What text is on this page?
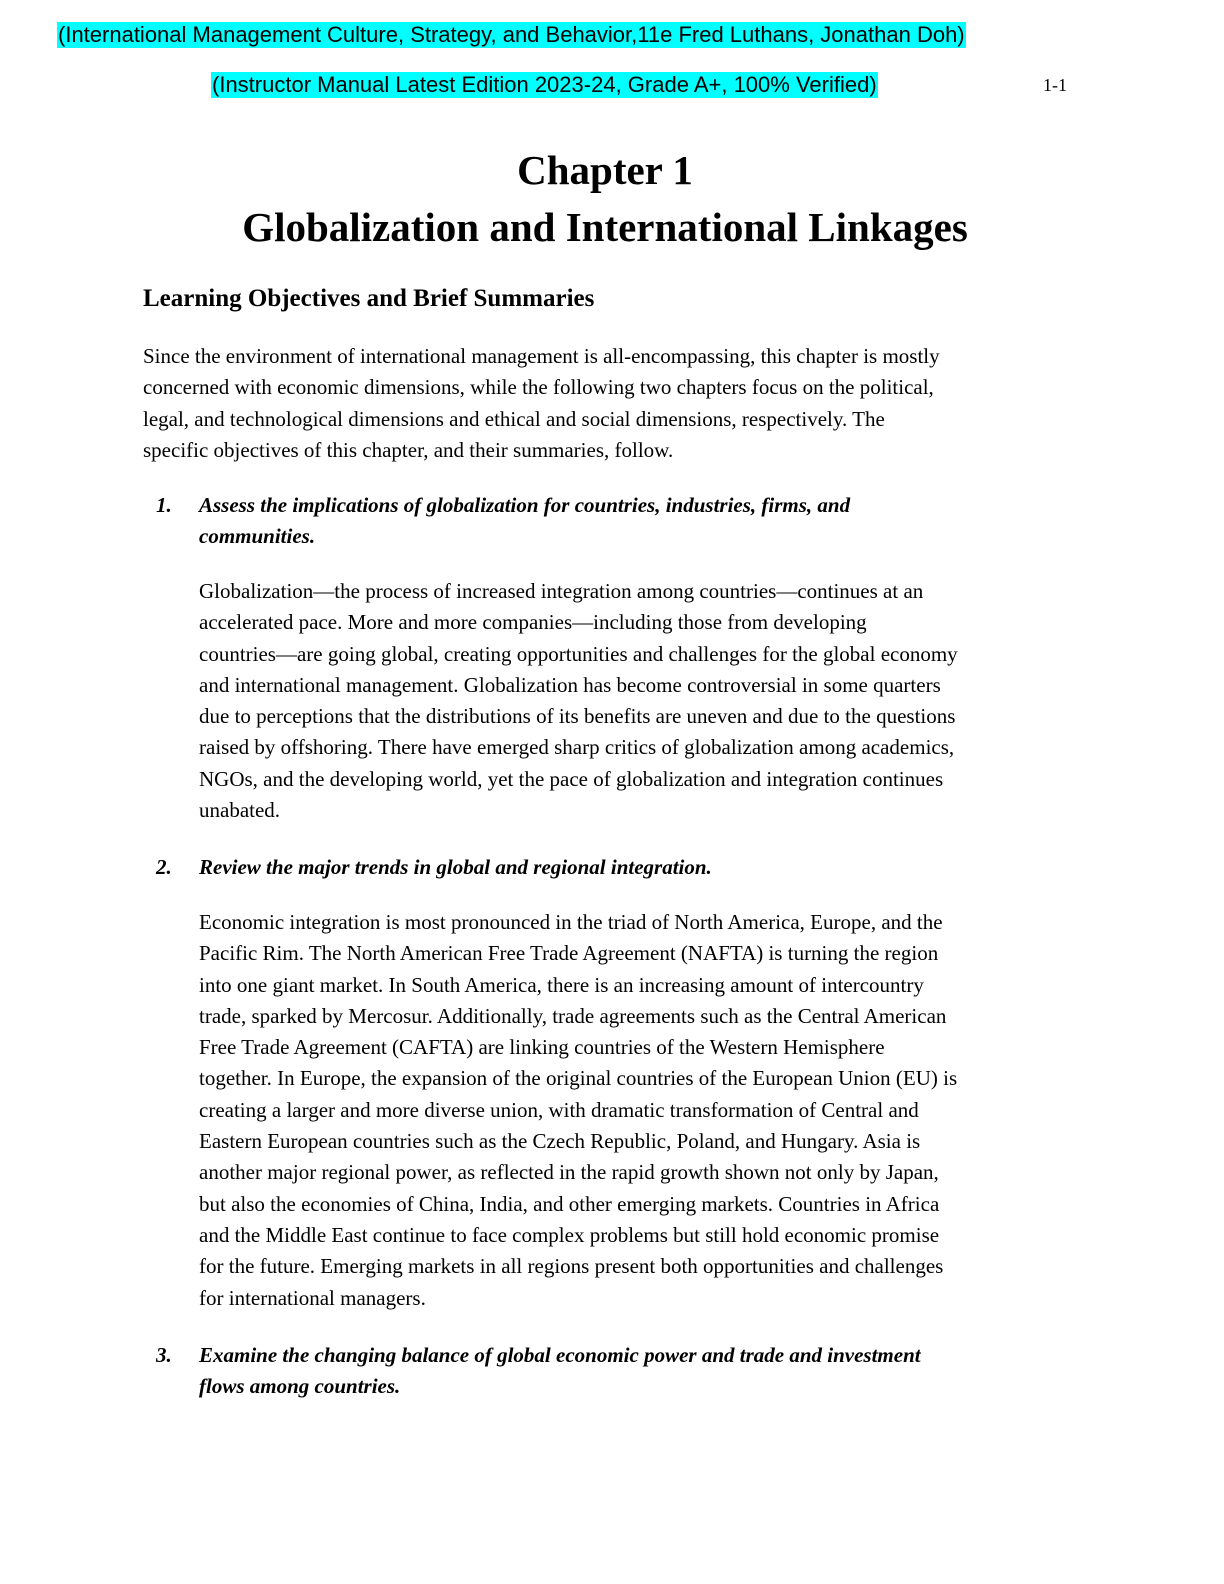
(International Management Culture, Strategy, and Behavior,11e Fred Luthans, Jonathan Doh)
(Instructor Manual Latest Edition 2023-24, Grade A+, 100% Verified)	1-1
Chapter 1
Globalization and International Linkages
Learning Objectives and Brief Summaries
Since the environment of international management is all-encompassing, this chapter is mostly
concerned with economic dimensions, while the following two chapters focus on the political,
legal, and technological dimensions and ethical and social dimensions, respectively. The
specific objectives of this chapter, and their summaries, follow.
1. Assess the implications of globalization for countries, industries, firms, and
communities.
Globalization—the process of increased integration among countries—continues at an
accelerated pace. More and more companies—including those from developing
countries—are going global, creating opportunities and challenges for the global economy
and international management. Globalization has become controversial in some quarters
due to perceptions that the distributions of its benefits are uneven and due to the questions
raised by offshoring. There have emerged sharp critics of globalization among academics,
NGOs, and the developing world, yet the pace of globalization and integration continues
unabated.
2. Review the major trends in global and regional integration.
Economic integration is most pronounced in the triad of North America, Europe, and the
Pacific Rim. The North American Free Trade Agreement (NAFTA) is turning the region
into one giant market. In South America, there is an increasing amount of intercountry
trade, sparked by Mercosur. Additionally, trade agreements such as the Central American
Free Trade Agreement (CAFTA) are linking countries of the Western Hemisphere
together. In Europe, the expansion of the original countries of the European Union (EU) is
creating a larger and more diverse union, with dramatic transformation of Central and
Eastern European countries such as the Czech Republic, Poland, and Hungary. Asia is
another major regional power, as reflected in the rapid growth shown not only by Japan,
but also the economies of China, India, and other emerging markets. Countries in Africa
and the Middle East continue to face complex problems but still hold economic promise
for the future. Emerging markets in all regions present both opportunities and challenges
for international managers.
3. Examine the changing balance of global economic power and trade and investment
flows among countries.
